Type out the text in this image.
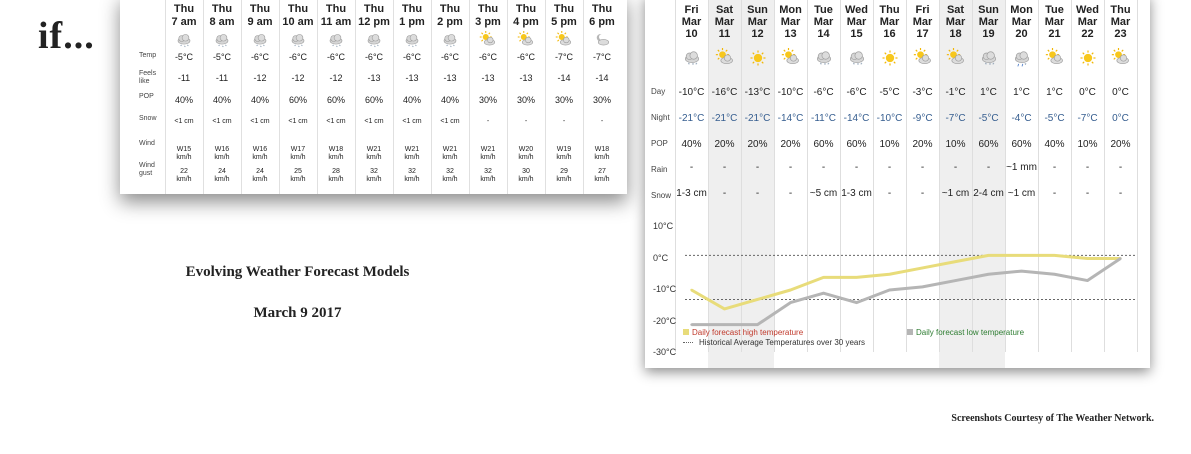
if...	Temp
Feels like
POP
Snow
Wind
Wind gust
Thu
7 am
* * *
-5°C
-11
40%
<1 cm
W15
km/h
22
km/h
Thu
8 am
* * *
-5°C
-11
40%
<1 cm
W16
km/h
24
km/h
Thu
9 am
* * *
-6°C
-12
40%
<1 cm
W16
km/h
24
km/h
Thu
10 am
* * *
-6°C
-12
60%
<1 cm
W17
km/h
25
km/h
Thu
11 am
* * *
-6°C
-12
60%
<1 cm
W18
km/h
28
km/h
Thu
12 pm
* * *
-6°C
-13
60%
<1 cm
W21
km/h
32
km/h
Thu
1 pm
* * *
-6°C
-13
40%
<1 cm
W21
km/h
32
km/h
Thu
2 pm
* * *
-6°C
-13
40%
<1 cm
W21
km/h
32
km/h
Thu
3 pm
-6°C
-13
30%
-
W21
km/h
32
km/h
Thu
4 pm
-6°C
-13
30%
-
W20
km/h
30
km/h
Thu
5 pm
-7°C
-14
30%
-
W19
km/h
29
km/h
Thu
6 pm
-7°C
-14
30%
-
W18
km/h
27
km/h
Evolving Weather Forecast Models
March 9 2017
Day
Night
POP
Rain
Snow
Fri
Mar
10
* * *
-10°C
-21°C
40%
-
1-3 cm
Sat
Mar
11
-16°C
-21°C
20%
-
-
Sun
Mar
12
-13°C
-21°C
20%
-
-
Mon
Mar
13
-10°C
-14°C
20%
-
-
Tue
Mar
14
* * *
-6°C
-11°C
60%
-
~5 cm
Wed
Mar
15
* * *
-6°C
-14°C
60%
-
1-3 cm
Thu
Mar
16
-5°C
-10°C
10%
-
-
Fri
Mar
17
-3°C
-9°C
20%
-
-
Sat
Mar
18
-1°C
-7°C
10%
-
~1 cm
Sun
Mar
19
* * *
1°C
-5°C
60%
-
2-4 cm
Mon
Mar
20
*
1°C
-4°C
60%
~1 mm
~1 cm
Tue
Mar
21
1°C
-5°C
40%
-
-
Wed
Mar
22
0°C
-7°C
10%
-
-
Thu
Mar
23
0°C
0°C
20%
-
-
10°C
0°C
-10°C
-20°C
-30°C
Daily forecast high temperature	Daily forecast low temperature
Historical Average Temperatures over 30 years
Screenshots Courtesy of The Weather Network.
